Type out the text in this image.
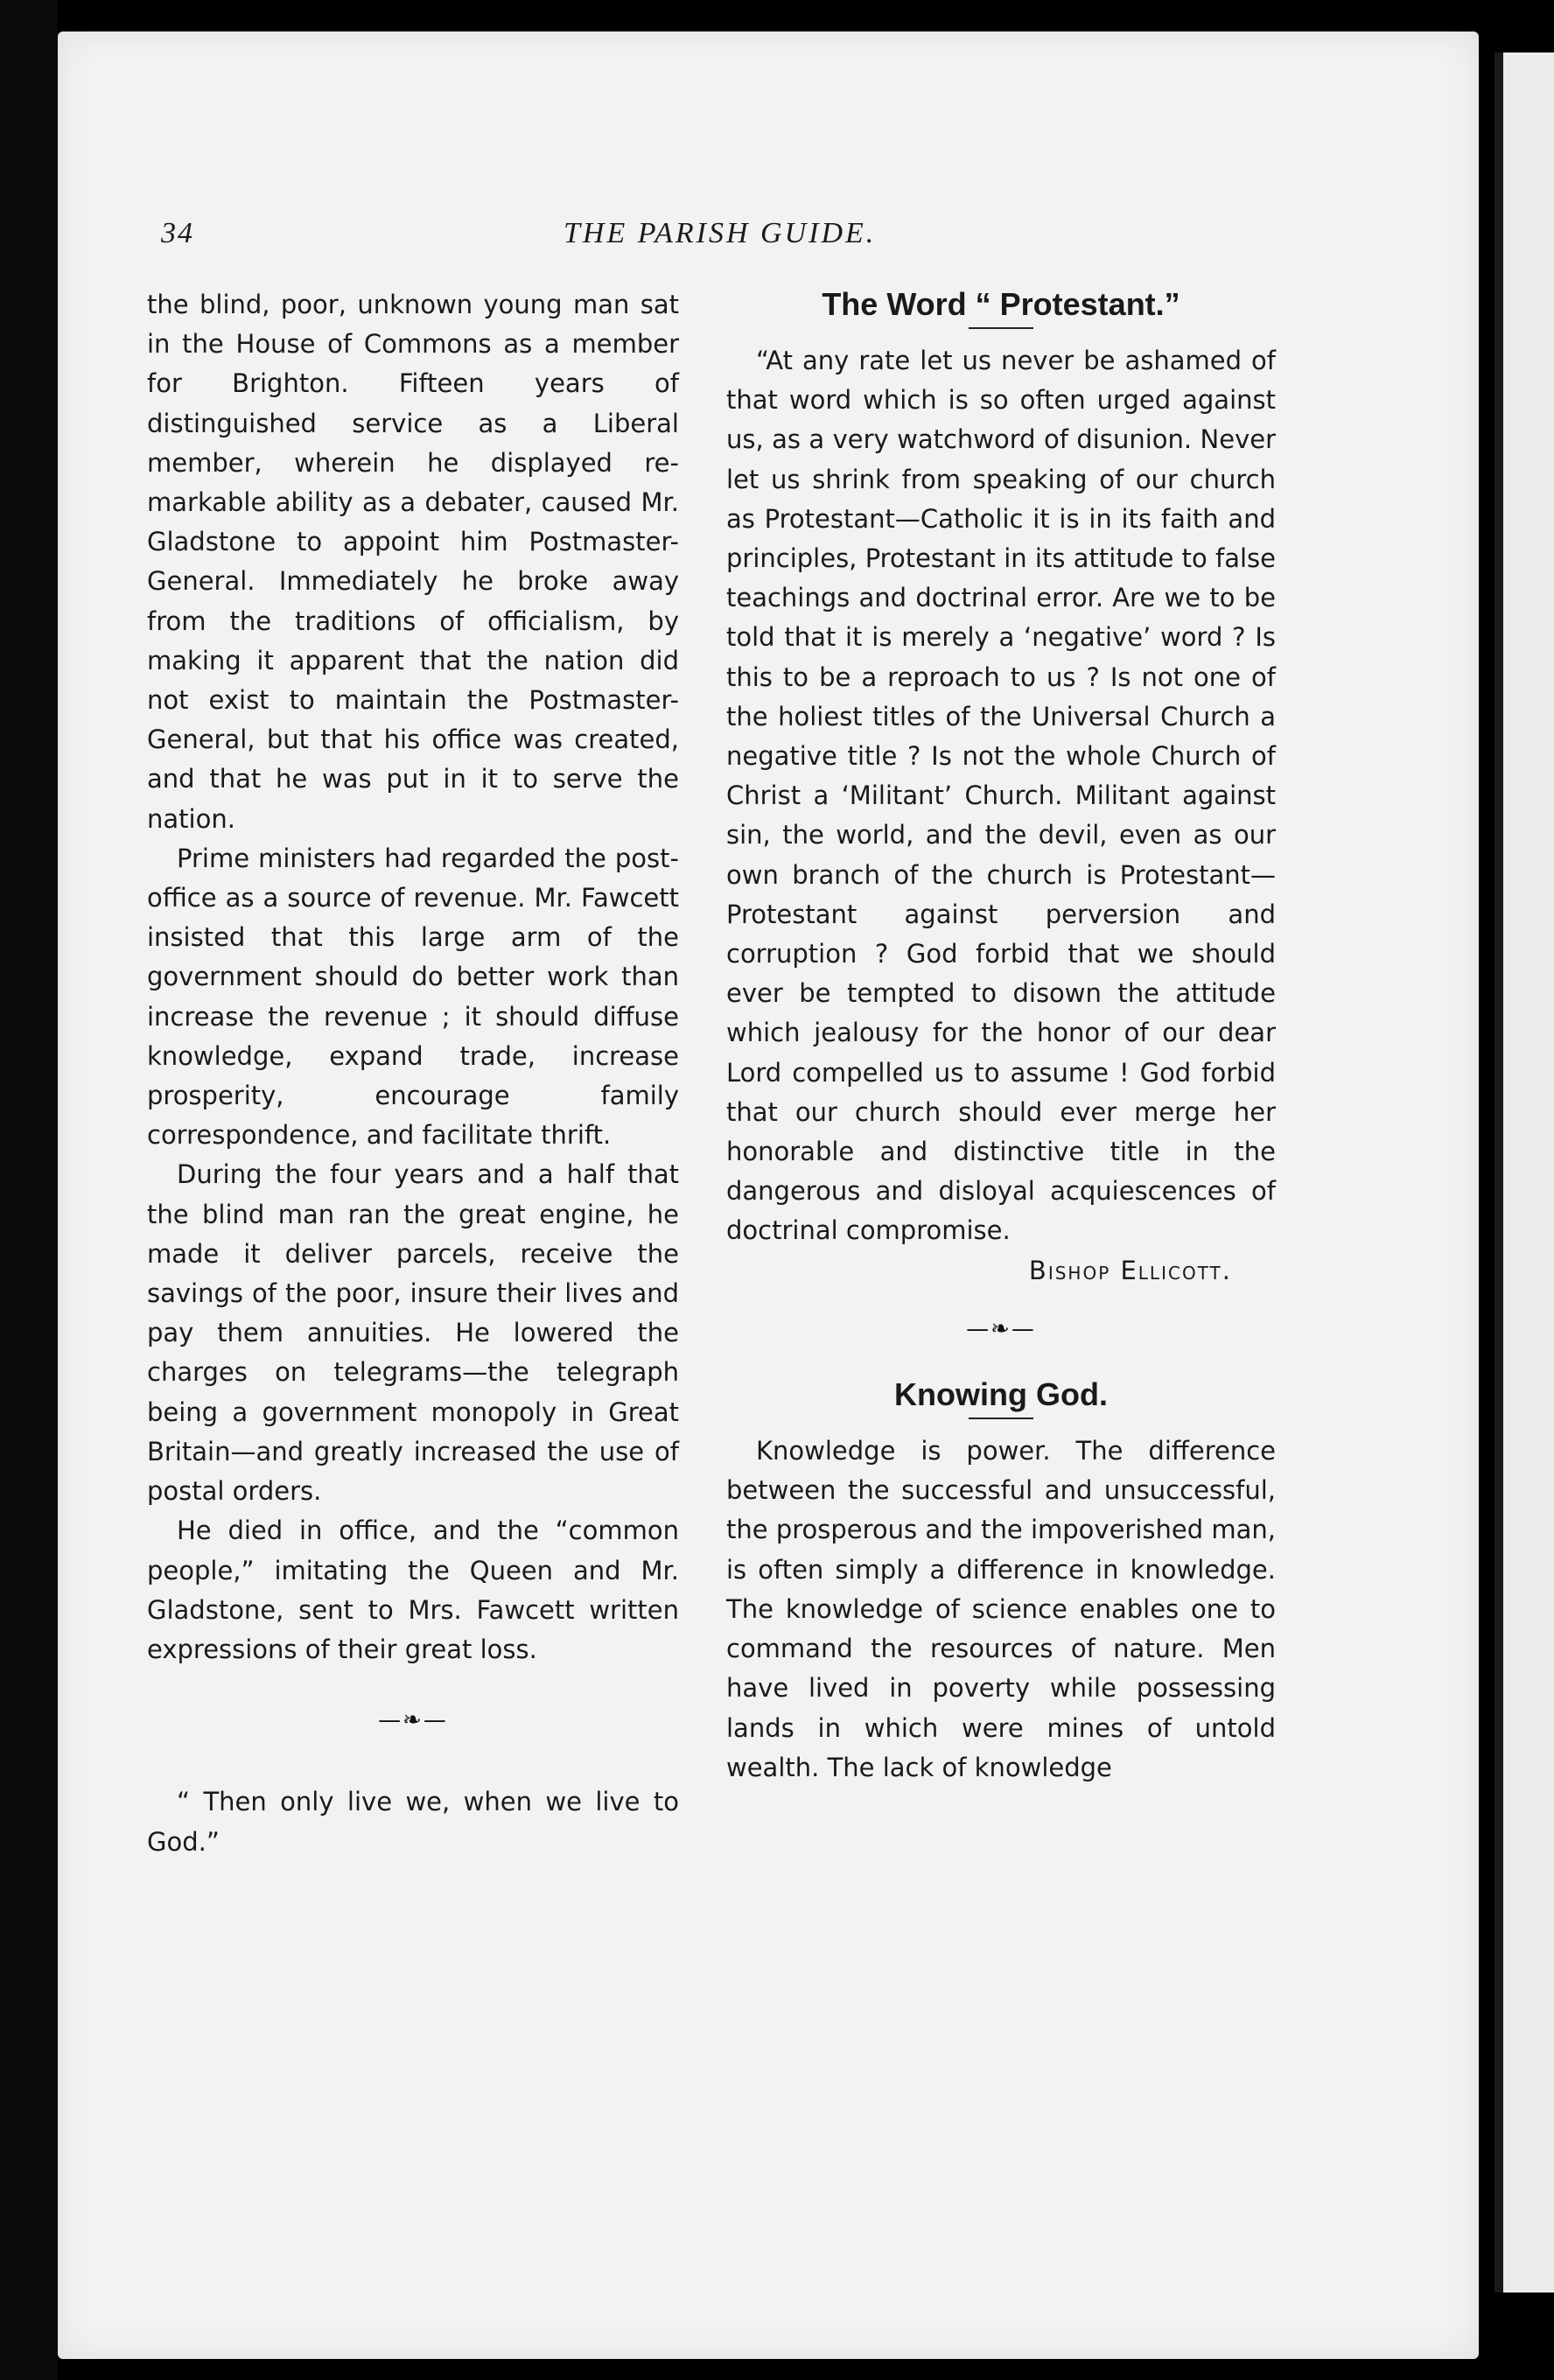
34	THE PARISH GUIDE.

the blind, poor, unknown young man sat in the House of Commons as a member for Brighton. Fifteen years of distinguished service as a Liberal member, wherein he displayed remarkable ability as a debater, caused Mr. Gladstone to appoint him Postmaster-General. Immediately he broke away from the traditions of officialism, by making it apparent that the nation did not exist to maintain the Postmaster-General, but that his office was created, and that he was put in it to serve the nation.

Prime ministers had regarded the post-office as a source of revenue. Mr. Fawcett insisted that this large arm of the government should do better work than increase the revenue ; it should diffuse knowledge, expand trade, increase prosperity, encourage family correspondence, and facilitate thrift.

During the four years and a half that the blind man ran the great engine, he made it deliver parcels, receive the savings of the poor, insure their lives and pay them annuities. He lowered the charges on telegrams—the telegraph being a government monopoly in Great Britain—and greatly increased the use of postal orders.

He died in office, and the “common people,” imitating the Queen and Mr. Gladstone, sent to Mrs. Fawcett written expressions of their great loss.

—❧—

“ Then only live we, when we live to God.”

The Word “ Protestant.”

“At any rate let us never be ashamed of that word which is so often urged against us, as a very watchword of disunion. Never let us shrink from speaking of our church as Protestant—Catholic it is in its faith and principles, Protestant in its attitude to false teachings and doctrinal error. Are we to be told that it is merely a ‘negative’ word ? Is this to be a reproach to us ? Is not one of the holiest titles of the Universal Church a negative title ? Is not the whole Church of Christ a ‘Militant’ Church. Militant against sin, the world, and the devil, even as our own branch of the church is Protestant—Protestant against perversion and corruption ? God forbid that we should ever be tempted to disown the attitude which jealousy for the honor of our dear Lord compelled us to assume ! God forbid that our church should ever merge her honorable and distinctive title in the dangerous and disloyal acquiescences of doctrinal compromise.

Bishop Ellicott.

—❧—
Knowing God.

Knowledge is power. The difference between the successful and unsuccessful, the prosperous and the impoverished man, is often simply a difference in knowledge. The knowledge of science enables one to command the resources of nature. Men have lived in poverty while possessing lands in which were mines of untold wealth. The lack of knowledge
